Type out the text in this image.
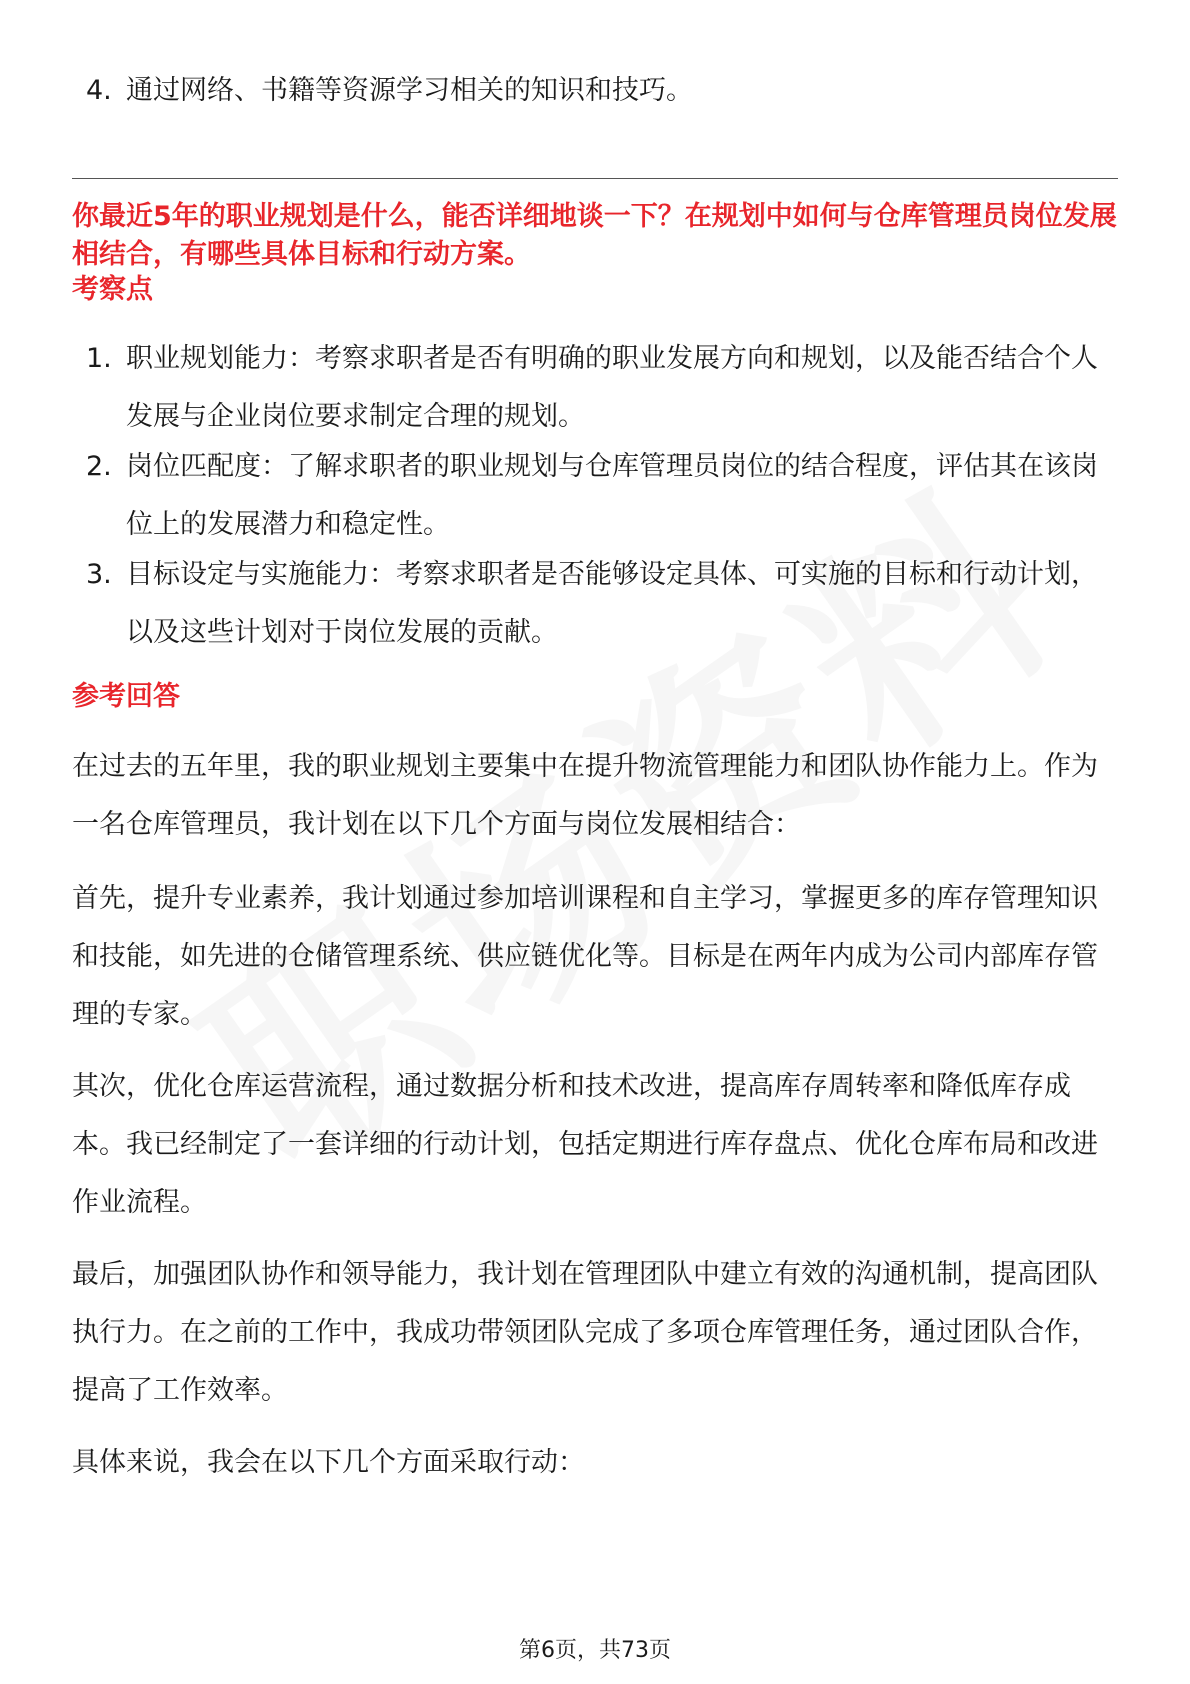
4. 通过网络、书籍等资源学习相关的知识和技巧。
你最近5年的职业规划是什么，能否详细地谈一下？在规划中如何与仓库管理员岗位发展相结合，有哪些具体目标和行动方案。
考察点
1. 职业规划能力：考察求职者是否有明确的职业发展方向和规划，以及能否结合个人发展与企业岗位要求制定合理的规划。
2. 岗位匹配度：了解求职者的职业规划与仓库管理员岗位的结合程度，评估其在该岗位上的发展潜力和稳定性。
3. 目标设定与实施能力：考察求职者是否能够设定具体、可实施的目标和行动计划，以及这些计划对于岗位发展的贡献。
参考回答
在过去的五年里，我的职业规划主要集中在提升物流管理能力和团队协作能力上。作为一名仓库管理员，我计划在以下几个方面与岗位发展相结合：
首先，提升专业素养，我计划通过参加培训课程和自主学习，掌握更多的库存管理知识和技能，如先进的仓储管理系统、供应链优化等。目标是在两年内成为公司内部库存管理的专家。
其次，优化仓库运营流程，通过数据分析和技术改进，提高库存周转率和降低库存成本。我已经制定了一套详细的行动计划，包括定期进行库存盘点、优化仓库布局和改进作业流程。
最后，加强团队协作和领导能力，我计划在管理团队中建立有效的沟通机制，提高团队执行力。在之前的工作中，我成功带领团队完成了多项仓库管理任务，通过团队合作，提高了工作效率。
具体来说，我会在以下几个方面采取行动：
第6页，共73页
